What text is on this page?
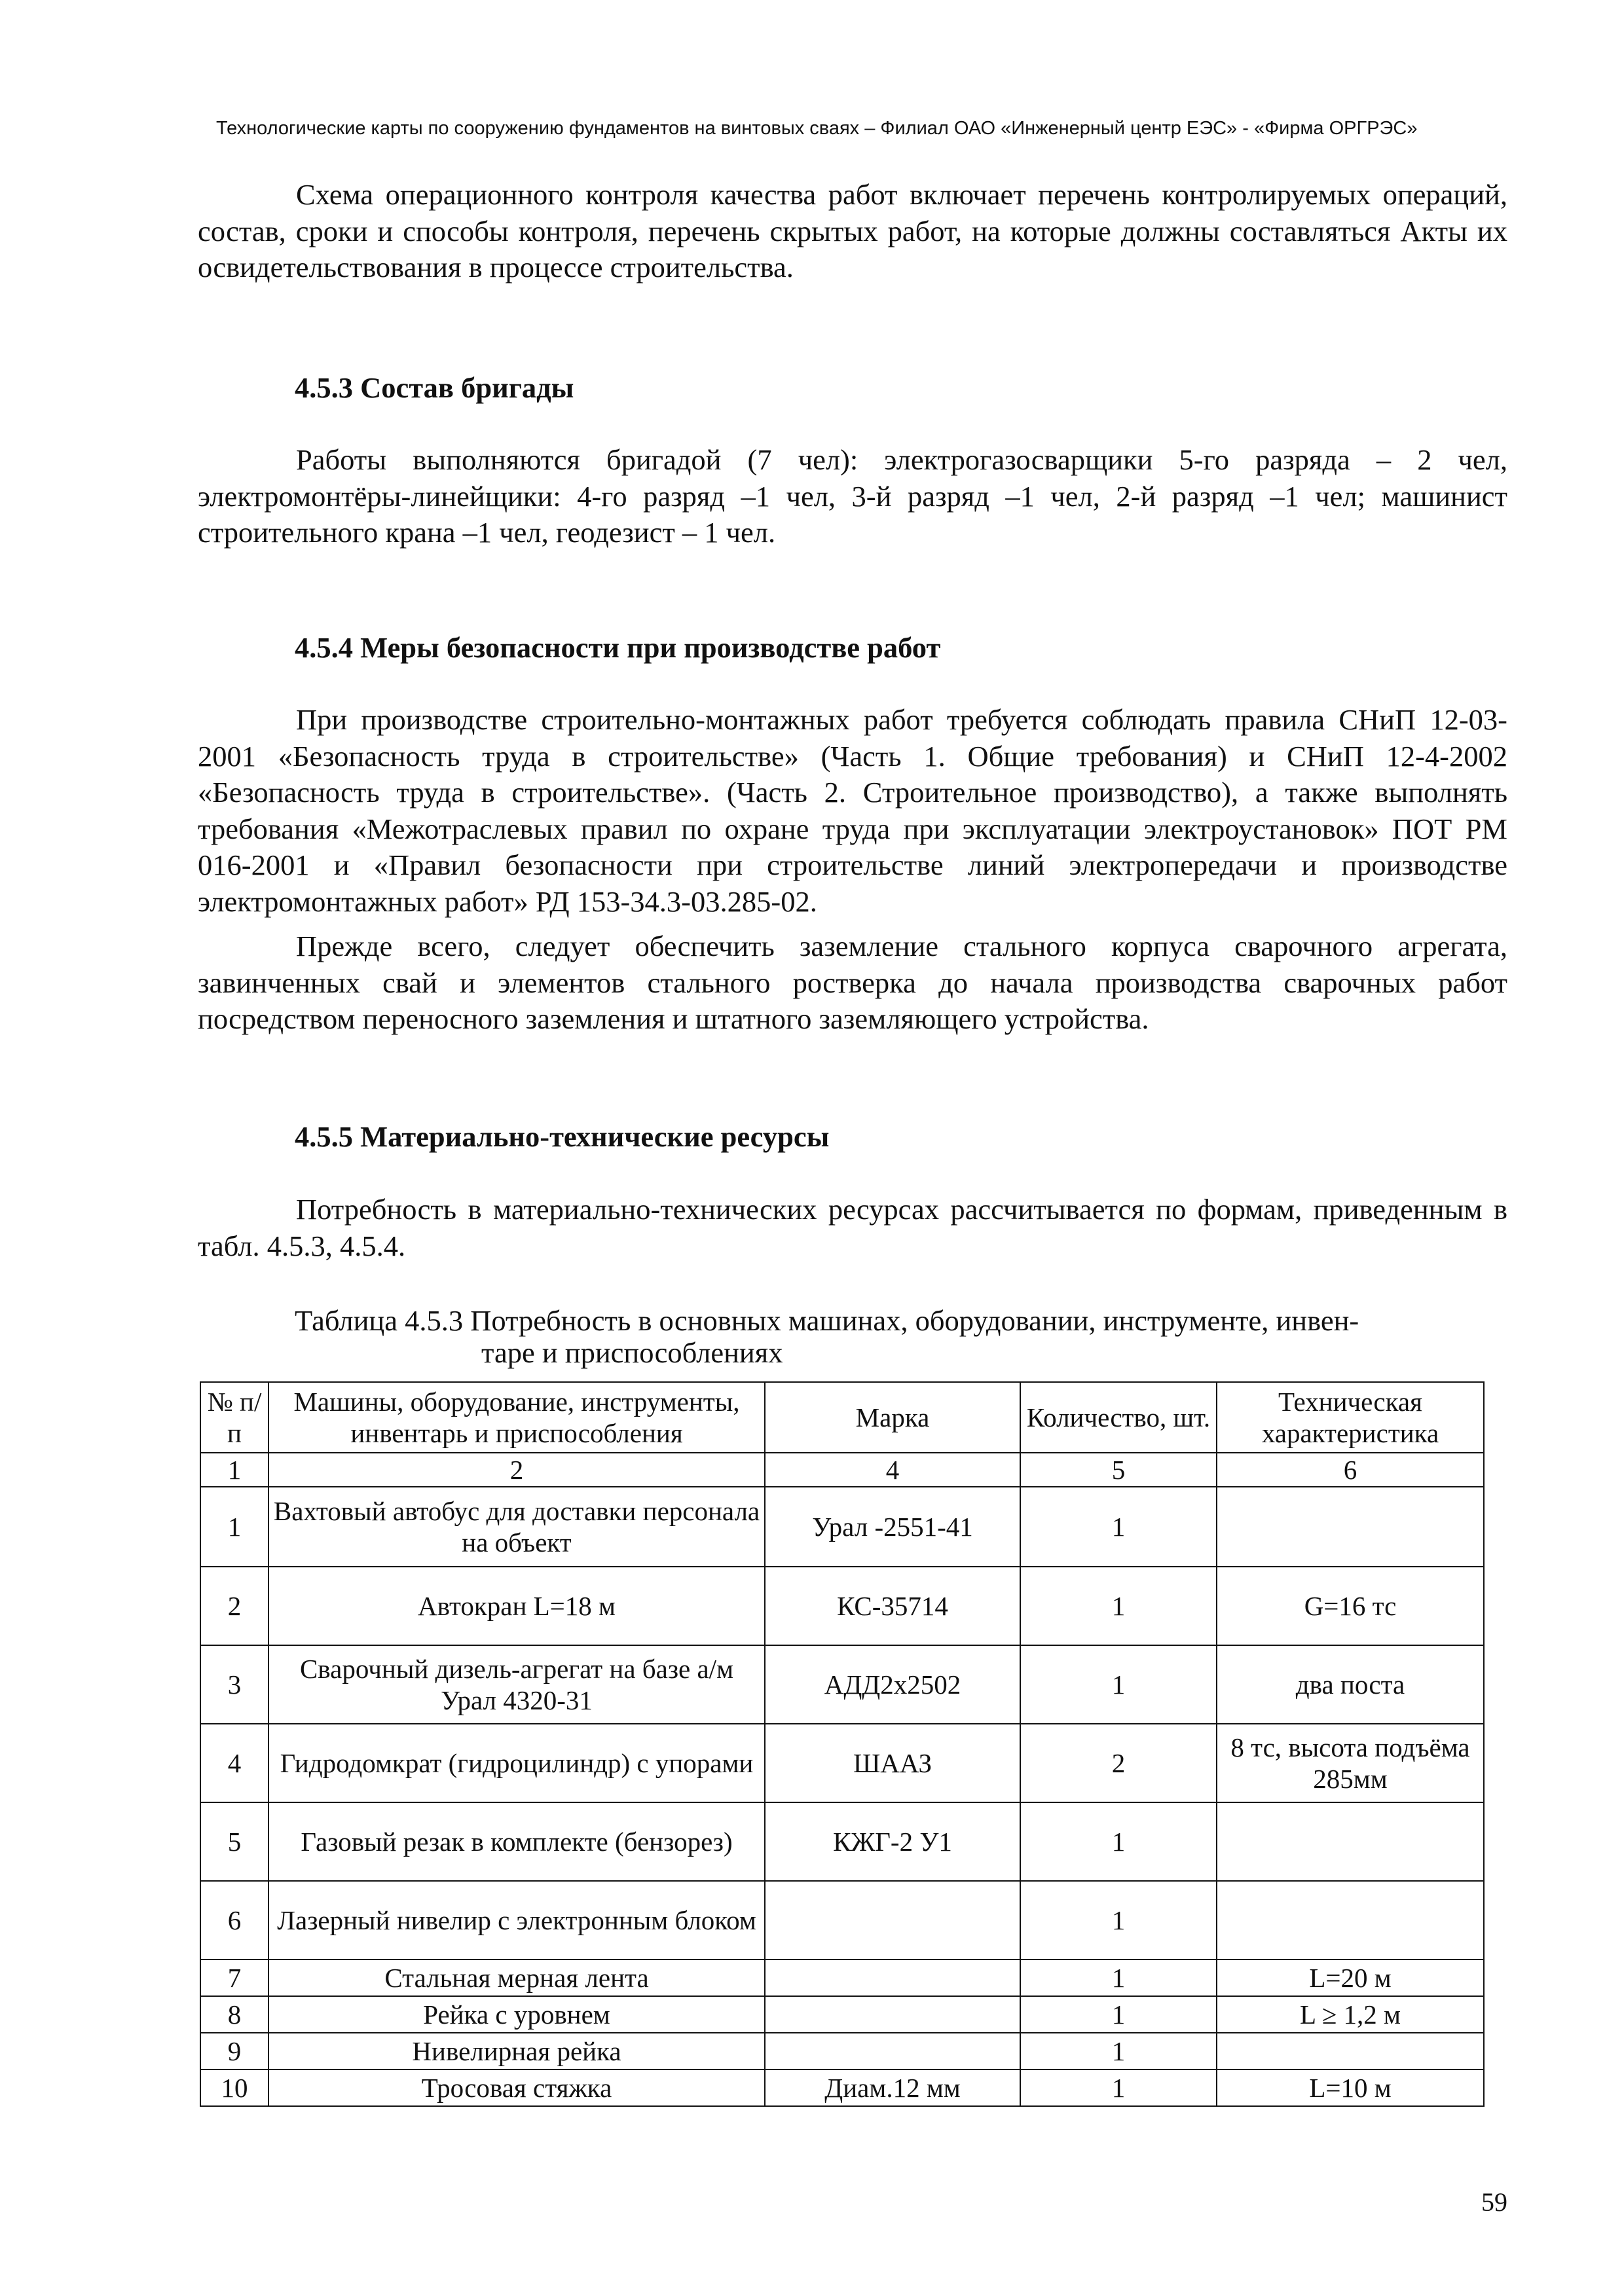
Технологические карты по сооружению фундаментов на винтовых сваях – Филиал ОАО «Инженерный центр ЕЭС» - «Фирма ОРГРЭС»
Схема операционного контроля качества работ включает перечень контролируемых операций, состав, сроки и способы контроля, перечень скрытых работ, на которые должны составляться Акты их освидетельствования в процессе строительства.
4.5.3 Состав бригады
Работы выполняются бригадой (7 чел): электрогазосварщики 5-го разряда – 2 чел, электромонтёры-линейщики: 4-го разряд –1 чел, 3-й разряд –1 чел, 2-й разряд –1 чел; машинист строительного крана –1 чел, геодезист – 1 чел.
4.5.4 Меры безопасности при производстве работ
При производстве строительно-монтажных работ требуется соблюдать правила СНиП 12-03-2001 «Безопасность труда в строительстве» (Часть 1. Общие требования) и СНиП 12-4-2002 «Безопасность труда в строительстве». (Часть 2. Строительное производство), а также выполнять требования «Межотраслевых правил по охране труда при эксплуатации электроустановок» ПОТ РМ 016-2001 и «Правил безопасности при строительстве линий электропередачи и производстве электромонтажных работ» РД 153-34.3-03.285-02.
Прежде всего, следует обеспечить заземление стального корпуса сварочного агрегата, завинченных свай и элементов стального ростверка до начала производства сварочных работ посредством переносного заземления и штатного заземляющего устройства.
4.5.5 Материально-технические ресурсы
Потребность в материально-технических ресурсах рассчитывается по формам, приведенным в табл. 4.5.3, 4.5.4.
Таблица 4.5.3 Потребность в основных машинах, оборудовании, инструменте, инвен-
таре и приспособлениях
№ п/п	Машины, оборудование, инструменты, инвентарь и приспособления	Марка	Количество, шт.	Техническая характеристика
1	2	4	5	6
1	Вахтовый автобус для доставки персонала на объект	Урал -2551-41	1	
2	Автокран L=18 м	КС-35714	1	G=16 тс
3	Сварочный дизель-агрегат на базе а/м Урал 4320-31	АДД2х2502	1	два поста
4	Гидродомкрат (гидроцилиндр) с упорами	ШААЗ	2	8 тс, высота подъёма 285мм
5	Газовый резак в комплекте (бензорез)	КЖГ-2 У1	1	
6	Лазерный нивелир с электронным блоком		1	
7	Стальная мерная лента		1	L=20 м
8	Рейка с уровнем		1	L ≥ 1,2 м
9	Нивелирная рейка		1	
10	Тросовая стяжка	Диам.12 мм	1	L=10 м
59
